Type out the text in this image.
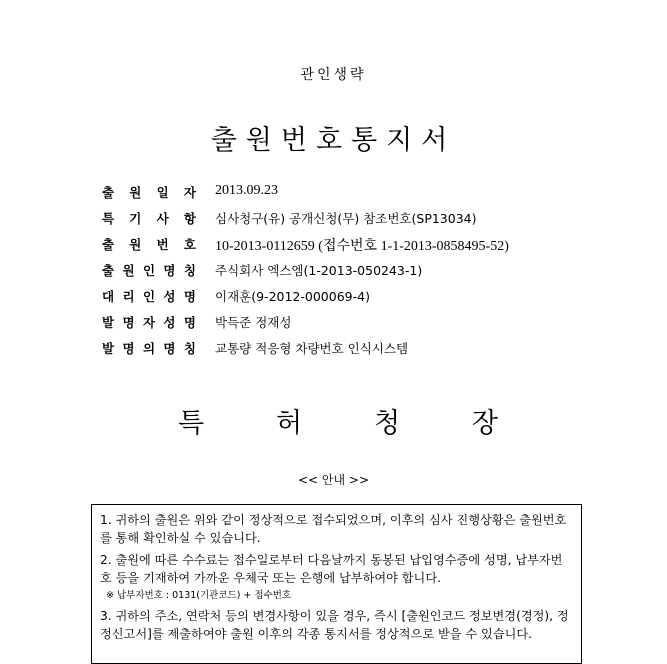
관인생략
출원번호통지서
출 원 일 자 2013.09.23
특 기 사 항 심사청구(유) 공개신청(무) 참조번호(SP13034)
출 원 번 호 10-2013-0112659 (접수번호 1-1-2013-0858495-52)
출 원 인 명 칭 주식회사 엑스엠(1-2013-050243-1)
대 리 인 성 명 이재훈(9-2012-000069-4)
발 명 자 성 명 박득준 정재성
발 명 의 명 칭 교통량 적응형 차량번호 인식시스템
특	허	청	장
<< 안내 >>
1. 귀하의 출원은 위와 같이 정상적으로 접수되었으며, 이후의 심사 진행상황은 출원번호를 통해 확인하실 수 있습니다.
2. 출원에 따른 수수료는 접수일로부터 다음날까지 동봉된 납입영수증에 성명, 납부자번호 등을 기재하여 가까운 우체국 또는 은행에 납부하여야 합니다.
※ 납부자번호 : 0131(기관코드) + 접수번호
3. 귀하의 주소, 연락처 등의 변경사항이 있을 경우, 즉시 [출원인코드 정보변경(경정), 정정신고서]를 제출하여야 출원 이후의 각종 통지서를 정상적으로 받을 수 있습니다.
